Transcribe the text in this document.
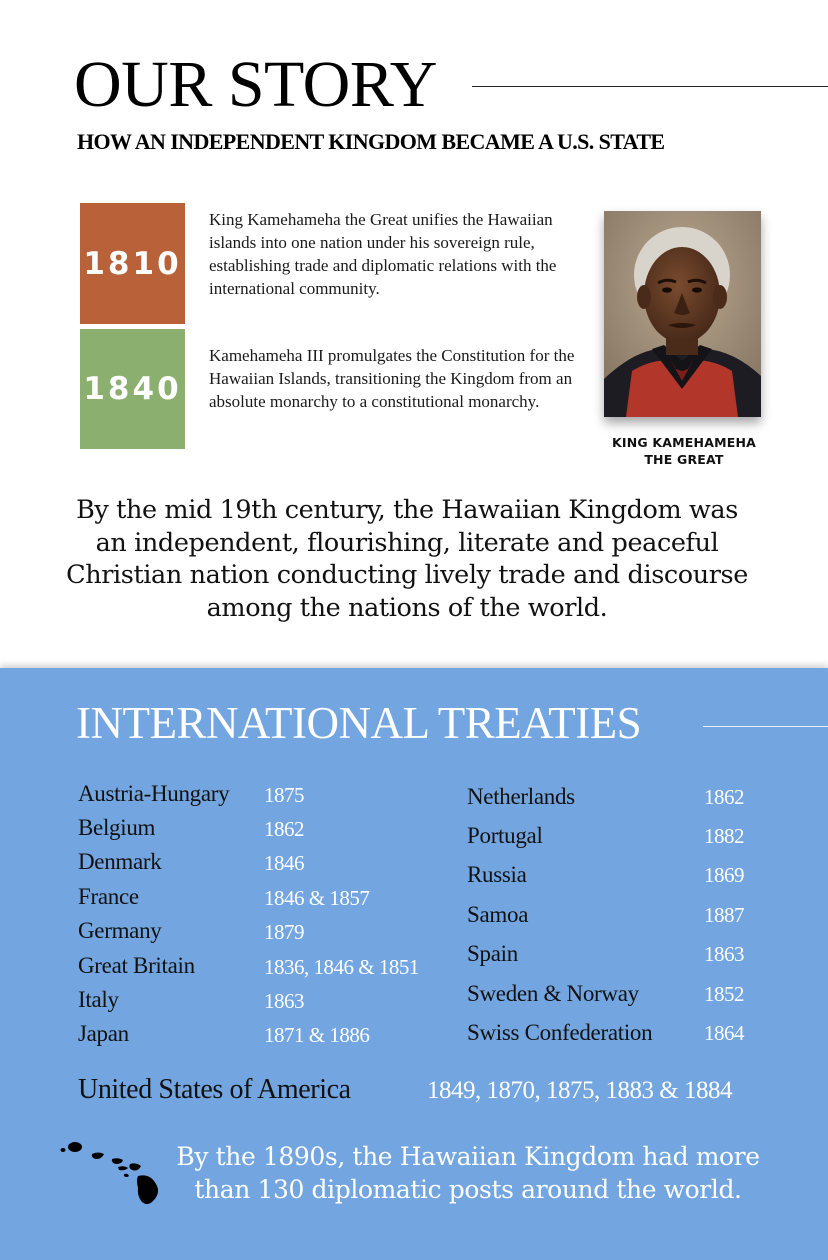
OUR STORY
HOW AN INDEPENDENT KINGDOM BECAME A U.S. STATE
1810

King Kamehameha the Great unifies the Hawaiian islands into one nation under his sovereign rule, establishing trade and diplomatic relations with the international community.

1840

Kamehameha III promulgates the Constitution for the Hawaiian Islands, transitioning the Kingdom from an absolute monarchy to a constitutional monarchy.

KING KAMEHAMEHA
THE GREAT

By the mid 19th century, the Hawaiian Kingdom was an independent, flourishing, literate and peaceful Christian nation conducting lively trade and discourse among the nations of the world.

INTERNATIONAL TREATIES
Austria-Hungary 1875
Belgium	1862
Denmark	1846
France	1846 & 1857
Germany	1879
Great Britain	1836, 1846 & 1851
Italy	1863
Japan	1871 & 1886
Netherlands	1862
Portugal	1882
Russia	1869
Samoa	1887
Spain	1863
Sweden & Norway	1852
Swiss Confederation 1864
United States of America	1849, 1870, 1875, 1883 & 1884

By the 1890s, the Hawaiian Kingdom had more than 130 diplomatic posts around the world.
